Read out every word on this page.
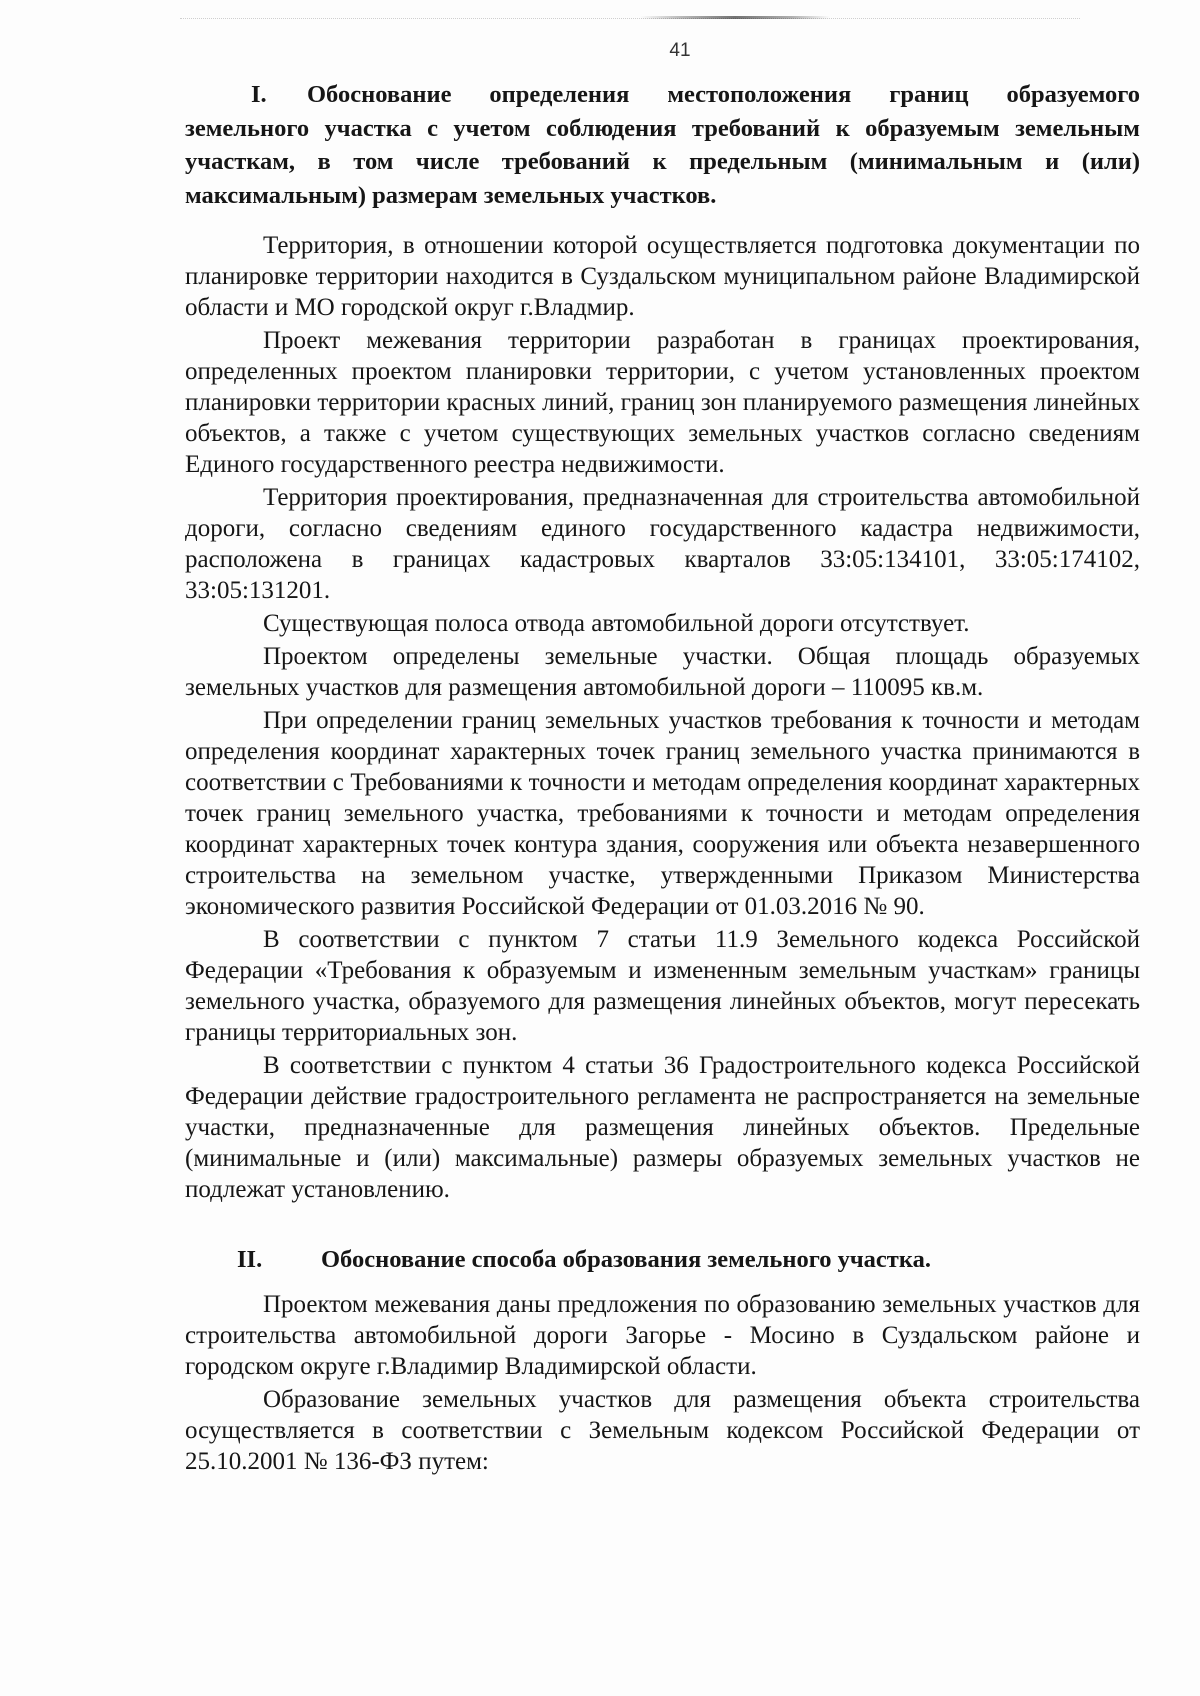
41
I. Обоснование определения местоположения границ образуемого земельного участка с учетом соблюдения требований к образуемым земельным участкам, в том числе требований к предельным (минимальным и (или) максимальным) размерам земельных участков.

Территория, в отношении которой осуществляется подготовка документации по планировке территории находится в Суздальском муниципальном районе Владимирской области и МО городской округ г.Владмир.

Проект межевания территории разработан в границах проектирования, определенных проектом планировки территории, с учетом установленных проектом планировки территории красных линий, границ зон планируемого размещения линейных объектов, а также с учетом существующих земельных участков согласно сведениям Единого государственного реестра недвижимости.

Территория проектирования, предназначенная для строительства автомобильной дороги, согласно сведениям единого государственного кадастра недвижимости, расположена в границах кадастровых кварталов 33:05:134101, 33:05:174102, 33:05:131201.

Существующая полоса отвода автомобильной дороги отсутствует.

Проектом определены земельные участки. Общая площадь образуемых земельных участков для размещения автомобильной дороги – 110095 кв.м.

При определении границ земельных участков требования к точности и методам определения координат характерных точек границ земельного участка принимаются в соответствии с Требованиями к точности и методам определения координат характерных точек границ земельного участка, требованиями к точности и методам определения координат характерных точек контура здания, сооружения или объекта незавершенного строительства на земельном участке, утвержденными Приказом Министерства экономического развития Российской Федерации от 01.03.2016 № 90.

В соответствии с пунктом 7 статьи 11.9 Земельного кодекса Российской Федерации «Требования к образуемым и измененным земельным участкам» границы земельного участка, образуемого для размещения линейных объектов, могут пересекать границы территориальных зон.

В соответствии с пунктом 4 статьи 36 Градостроительного кодекса Российской Федерации действие градостроительного регламента не распространяется на земельные участки, предназначенные для размещения линейных объектов. Предельные (минимальные и (или) максимальные) размеры образуемых земельных участков не подлежат установлению.

II. Обоснование способа образования земельного участка.

Проектом межевания даны предложения по образованию земельных участков для строительства автомобильной дороги Загорье - Мосино в Суздальском районе и городском округе г.Владимир Владимирской области.

Образование земельных участков для размещения объекта строительства осуществляется в соответствии с Земельным кодексом Российской Федерации от 25.10.2001 № 136-ФЗ путем:
